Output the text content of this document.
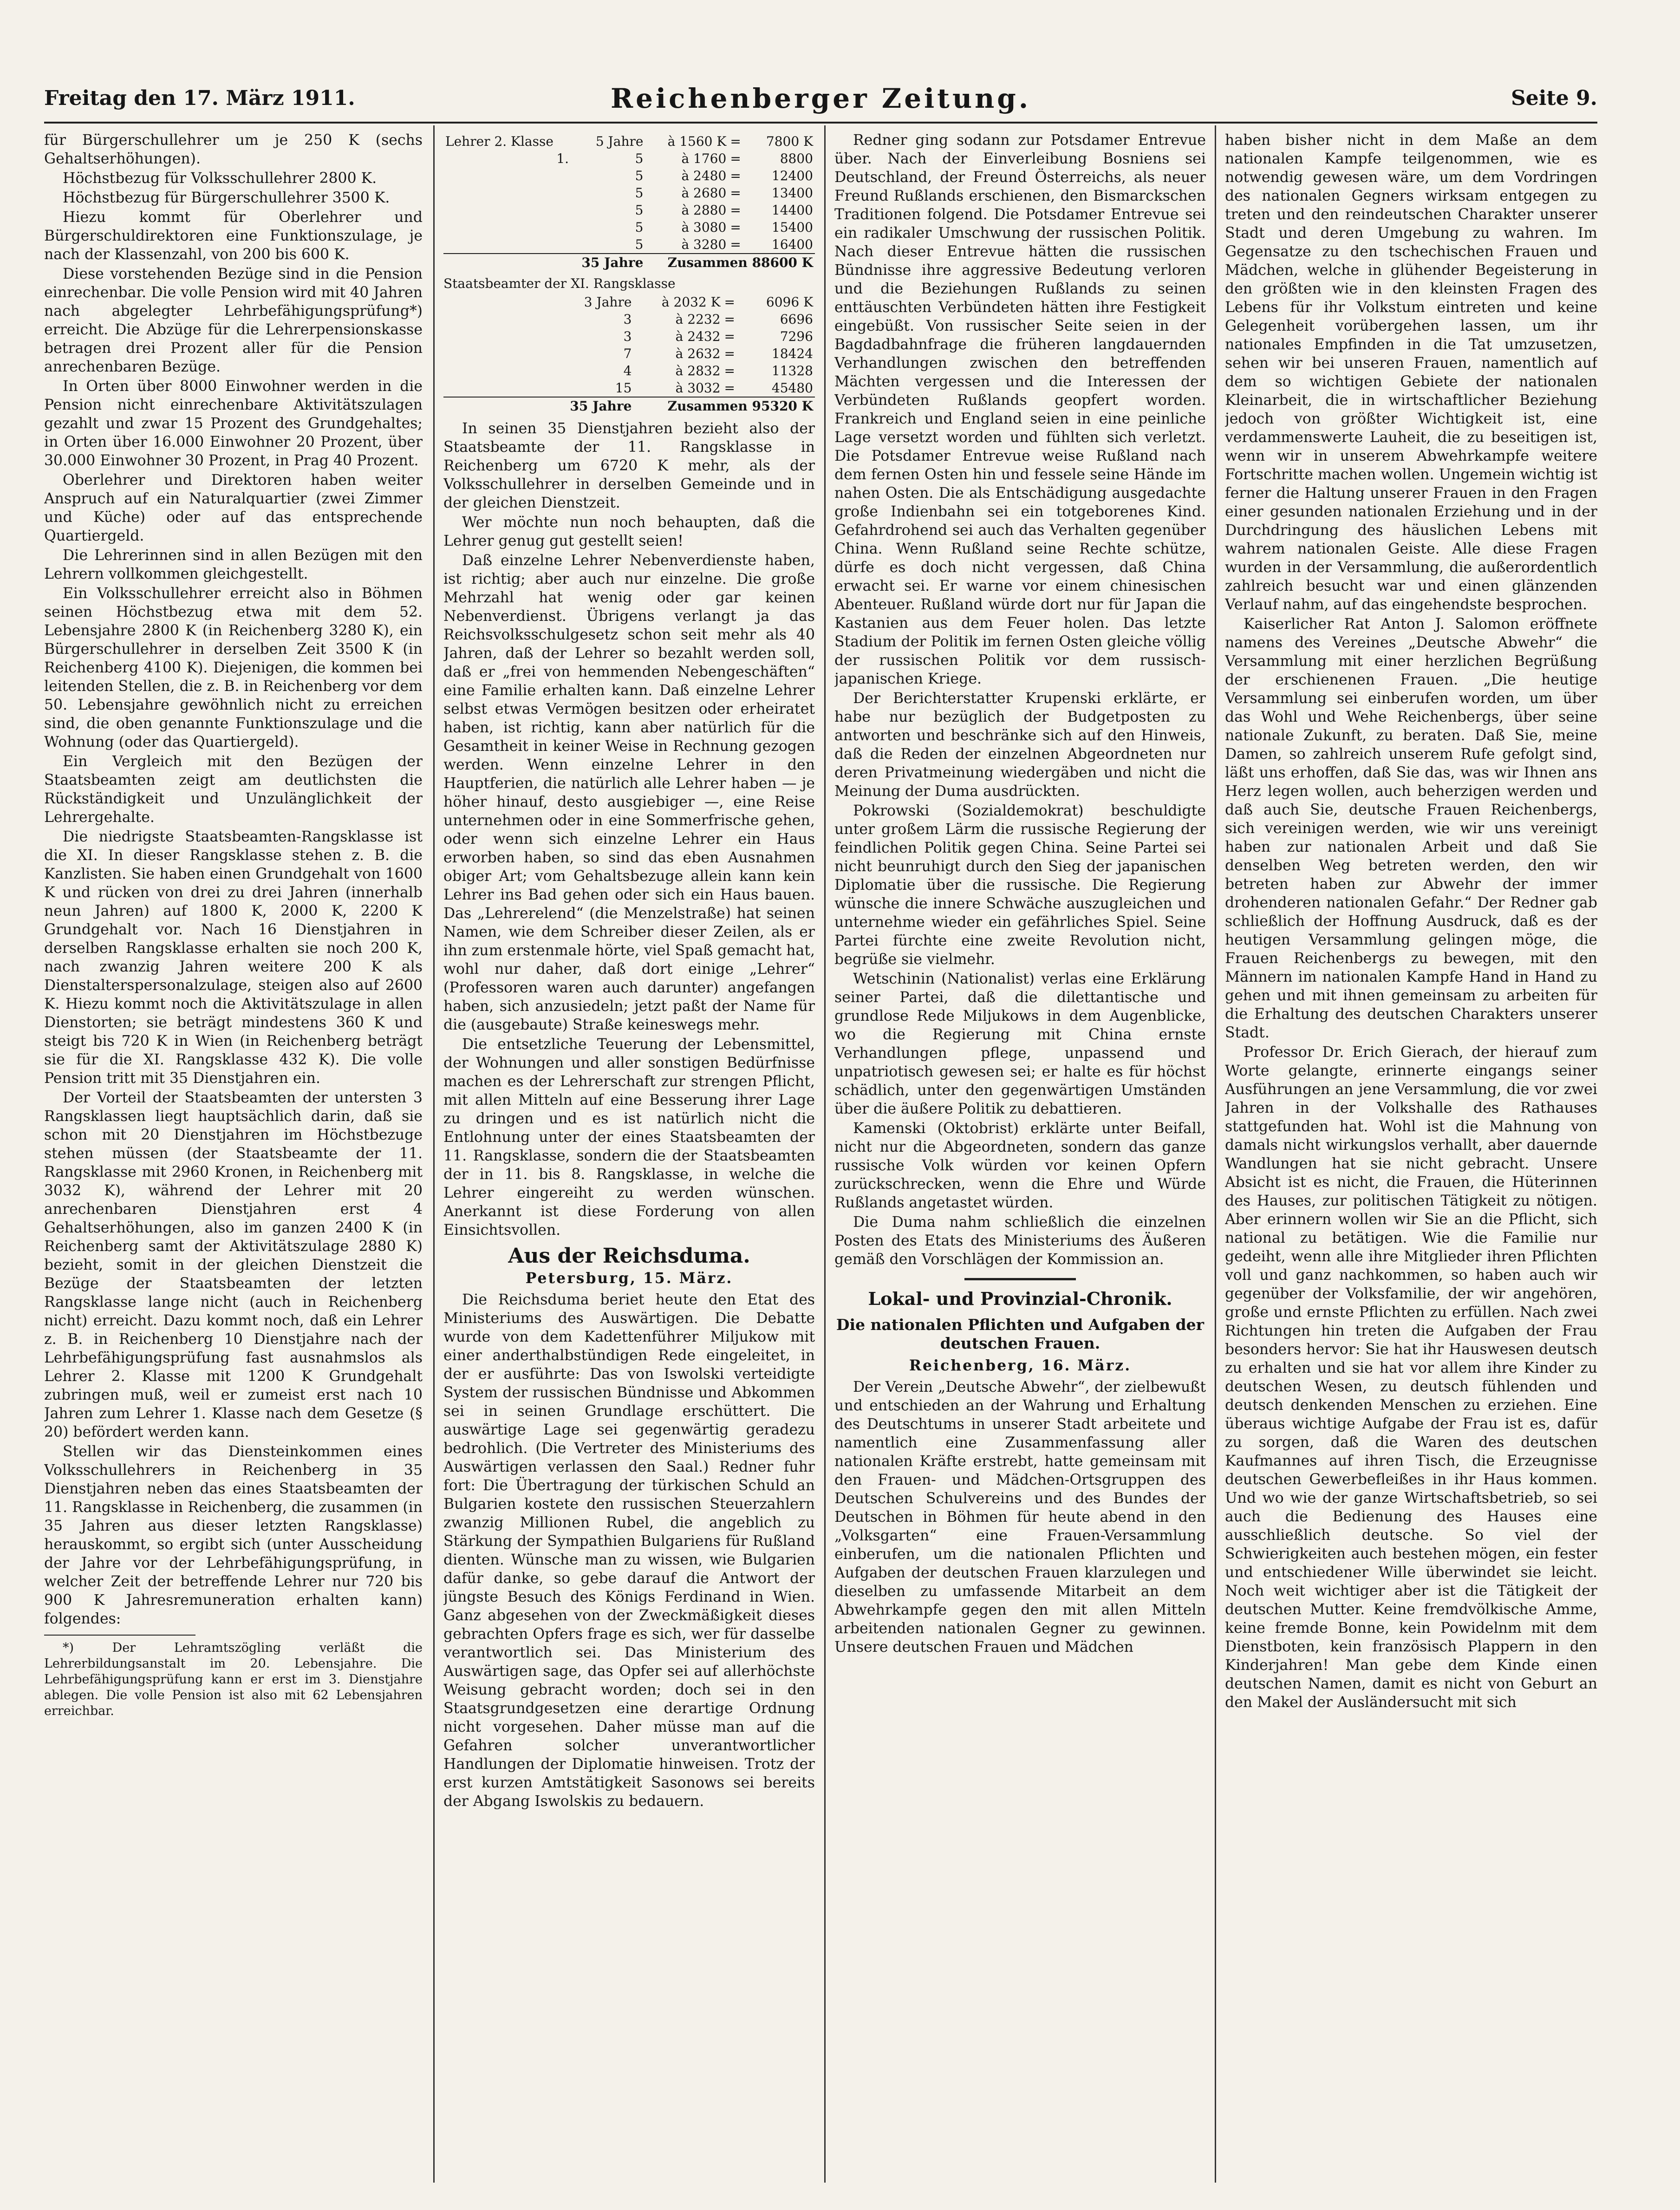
Freitag den 17. März 1911.	Reichenberger Zeitung.	Seite 9.

für Bürgerschullehrer um je 250 K (sechs Gehaltserhöhungen).

Höchstbezug für Volksschullehrer 2800 K.

Höchstbezug für Bürgerschullehrer 3500 K.

Hiezu kommt für Oberlehrer und Bürgerschuldirektoren eine Funktionszulage, je nach der Klassenzahl, von 200 bis 600 K.

Diese vorstehenden Bezüge sind in die Pension einrechenbar. Die volle Pension wird mit 40 Jahren nach abgelegter Lehrbefähigungsprüfung*) erreicht. Die Abzüge für die Lehrerpensionskasse betragen drei Prozent aller für die Pension anrechenbaren Bezüge.

In Orten über 8000 Einwohner werden in die Pension nicht einrechenbare Aktivitätszulagen gezahlt und zwar 15 Prozent des Grundgehaltes; in Orten über 16.000 Einwohner 20 Prozent, über 30.000 Einwohner 30 Prozent, in Prag 40 Prozent.

Oberlehrer und Direktoren haben weiter Anspruch auf ein Naturalquartier (zwei Zimmer und Küche) oder auf das entsprechende Quartiergeld.

Die Lehrerinnen sind in allen Bezügen mit den Lehrern vollkommen gleichgestellt.

Ein Volksschullehrer erreicht also in Böhmen seinen Höchstbezug etwa mit dem 52. Lebensjahre 2800 K (in Reichenberg 3280 K), ein Bürgerschullehrer in derselben Zeit 3500 K (in Reichenberg 4100 K). Diejenigen, die kommen bei leitenden Stellen, die z. B. in Reichenberg vor dem 50. Lebensjahre gewöhnlich nicht zu erreichen sind, die oben genannte Funktionszulage und die Wohnung (oder das Quartiergeld).

Ein Vergleich mit den Bezügen der Staatsbeamten zeigt am deutlichsten die Rückständigkeit und Unzulänglichkeit der Lehrergehalte.

Die niedrigste Staatsbeamten-Rangsklasse ist die XI. In dieser Rangsklasse stehen z. B. die Kanzlisten. Sie haben einen Grundgehalt von 1600 K und rücken von drei zu drei Jahren (innerhalb neun Jahren) auf 1800 K, 2000 K, 2200 K Grundgehalt vor. Nach 16 Dienstjahren in derselben Rangsklasse erhalten sie noch 200 K, nach zwanzig Jahren weitere 200 K als Dienstalterspersonalzulage, steigen also auf 2600 K. Hiezu kommt noch die Aktivitätszulage in allen Dienstorten; sie beträgt mindestens 360 K und steigt bis 720 K in Wien (in Reichenberg beträgt sie für die XI. Rangsklasse 432 K). Die volle Pension tritt mit 35 Dienstjahren ein.

Der Vorteil der Staatsbeamten der untersten 3 Rangsklassen liegt hauptsächlich darin, daß sie schon mit 20 Dienstjahren im Höchstbezuge stehen müssen (der Staatsbeamte der 11. Rangsklasse mit 2960 Kronen, in Reichenberg mit 3032 K), während der Lehrer mit 20 anrechenbaren Dienstjahren erst 4 Gehaltserhöhungen, also im ganzen 2400 K (in Reichenberg samt der Aktivitätszulage 2880 K) bezieht, somit in der gleichen Dienstzeit die Bezüge der Staatsbeamten der letzten Rangsklasse lange nicht (auch in Reichenberg nicht) erreicht. Dazu kommt noch, daß ein Lehrer z. B. in Reichenberg 10 Dienstjahre nach der Lehrbefähigungsprüfung fast ausnahmslos als Lehrer 2. Klasse mit 1200 K Grundgehalt zubringen muß, weil er zumeist erst nach 10 Jahren zum Lehrer 1. Klasse nach dem Gesetze (§ 20) befördert werden kann.

Stellen wir das Diensteinkommen eines Volksschullehrers in Reichenberg in 35 Dienstjahren neben das eines Staatsbeamten der 11. Rangsklasse in Reichenberg, die zusammen (in 35 Jahren aus dieser letzten Rangsklasse) herauskommt, so ergibt sich (unter Ausscheidung der Jahre vor der Lehrbefähigungsprüfung, in welcher Zeit der betreffende Lehrer nur 720 bis 900 K Jahresremuneration erhalten kann) folgendes:

*) Der Lehramtszögling verläßt die Lehrerbildungsanstalt im 20. Lebensjahre. Die Lehrbefähigungsprüfung kann er erst im 3. Dienstjahre ablegen. Die volle Pension ist also mit 62 Lebensjahren erreichbar.

Lehrer 2. Klasse	5 Jahre	à 1560 K	=	7800 K
1.	5	à 1760	=	8800
	5	à 2480	=	12400
	5	à 2680	=	13400
	5	à 2880	=	14400
	5	à 3080	=	15400
	5	à 3280	=	16400
	35 Jahre	Zusammen 88600 K		
Staatsbeamter der XI. Rangsklasse
	3 Jahre	à 2032 K	=	6096 K
	3	à 2232	=	6696
	3	à 2432	=	7296
	7	à 2632	=	18424
	4	à 2832	=	11328
	15	à 3032	=	45480
	35 Jahre	Zusammen 95320 K		

In seinen 35 Dienstjahren bezieht also der Staatsbeamte der 11. Rangsklasse in Reichenberg um 6720 K mehr, als der Volksschullehrer in derselben Gemeinde und in der gleichen Dienstzeit.

Wer möchte nun noch behaupten, daß die Lehrer genug gut gestellt seien!

Daß einzelne Lehrer Nebenverdienste haben, ist richtig; aber auch nur einzelne. Die große Mehrzahl hat wenig oder gar keinen Nebenverdienst. Übrigens verlangt ja das Reichsvolksschulgesetz schon seit mehr als 40 Jahren, daß der Lehrer so bezahlt werden soll, daß er „frei von hemmenden Nebengeschäften“ eine Familie erhalten kann. Daß einzelne Lehrer selbst etwas Vermögen besitzen oder erheiratet haben, ist richtig, kann aber natürlich für die Gesamtheit in keiner Weise in Rechnung gezogen werden. Wenn einzelne Lehrer in den Hauptferien, die natürlich alle Lehrer haben — je höher hinauf, desto ausgiebiger —, eine Reise unternehmen oder in eine Sommerfrische gehen, oder wenn sich einzelne Lehrer ein Haus erworben haben, so sind das eben Ausnahmen obiger Art; vom Gehaltsbezuge allein kann kein Lehrer ins Bad gehen oder sich ein Haus bauen. Das „Lehrerelend“ (die Menzelstraße) hat seinen Namen, wie dem Schreiber dieser Zeilen, als er ihn zum erstenmale hörte, viel Spaß gemacht hat, wohl nur daher, daß dort einige „Lehrer“ (Professoren waren auch darunter) angefangen haben, sich anzusiedeln; jetzt paßt der Name für die (ausgebaute) Straße keineswegs mehr.

Die entsetzliche Teuerung der Lebensmittel, der Wohnungen und aller sonstigen Bedürfnisse machen es der Lehrerschaft zur strengen Pflicht, mit allen Mitteln auf eine Besserung ihrer Lage zu dringen und es ist natürlich nicht die Entlohnung unter der eines Staatsbeamten der 11. Rangsklasse, sondern die der Staatsbeamten der in 11. bis 8. Rangsklasse, in welche die Lehrer eingereiht zu werden wünschen. Anerkannt ist diese Forderung von allen Einsichtsvollen.

Aus der Reichsduma.
Petersburg, 15. März.

Die Reichsduma beriet heute den Etat des Ministeriums des Auswärtigen. Die Debatte wurde von dem Kadettenführer Miljukow mit einer anderthalbstündigen Rede eingeleitet, in der er ausführte: Das von Iswolski verteidigte System der russischen Bündnisse und Abkommen sei in seinen Grundlage erschüttert. Die auswärtige Lage sei gegenwärtig geradezu bedrohlich. (Die Vertreter des Ministeriums des Auswärtigen verlassen den Saal.) Redner fuhr fort: Die Übertragung der türkischen Schuld an Bulgarien kostete den russischen Steuerzahlern zwanzig Millionen Rubel, die angeblich zu Stärkung der Sympathien Bulgariens für Rußland dienten. Wünsche man zu wissen, wie Bulgarien dafür danke, so gebe darauf die Antwort der jüngste Besuch des Königs Ferdinand in Wien. Ganz abgesehen von der Zweckmäßigkeit dieses gebrachten Opfers frage es sich, wer für dasselbe verantwortlich sei. Das Ministerium des Auswärtigen sage, das Opfer sei auf allerhöchste Weisung gebracht worden; doch sei in den Staatsgrundgesetzen eine derartige Ordnung nicht vorgesehen. Daher müsse man auf die Gefahren solcher unverantwortlicher Handlungen der Diplomatie hinweisen. Trotz der erst kurzen Amtstätigkeit Sasonows sei bereits der Abgang Iswolskis zu bedauern.

Redner ging sodann zur Potsdamer Entrevue über. Nach der Einverleibung Bosniens sei Deutschland, der Freund Österreichs, als neuer Freund Rußlands erschienen, den Bismarckschen Traditionen folgend. Die Potsdamer Entrevue sei ein radikaler Umschwung der russischen Politik. Nach dieser Entrevue hätten die russischen Bündnisse ihre aggressive Bedeutung verloren und die Beziehungen Rußlands zu seinen enttäuschten Verbündeten hätten ihre Festigkeit eingebüßt. Von russischer Seite seien in der Bagdadbahnfrage die früheren langdauernden Verhandlungen zwischen den betreffenden Mächten vergessen und die Interessen der Verbündeten Rußlands geopfert worden. Frankreich und England seien in eine peinliche Lage versetzt worden und fühlten sich verletzt. Die Potsdamer Entrevue weise Rußland nach dem fernen Osten hin und fessele seine Hände im nahen Osten. Die als Entschädigung ausgedachte große Indienbahn sei ein totgeborenes Kind. Gefahrdrohend sei auch das Verhalten gegenüber China. Wenn Rußland seine Rechte schütze, dürfe es doch nicht vergessen, daß China erwacht sei. Er warne vor einem chinesischen Abenteuer. Rußland würde dort nur für Japan die Kastanien aus dem Feuer holen. Das letzte Stadium der Politik im fernen Osten gleiche völlig der russischen Politik vor dem russisch-japanischen Kriege.

Der Berichterstatter Krupenski erklärte, er habe nur bezüglich der Budgetposten zu antworten und beschränke sich auf den Hinweis, daß die Reden der einzelnen Abgeordneten nur deren Privatmeinung wiedergäben und nicht die Meinung der Duma ausdrückten.

Pokrowski (Sozialdemokrat) beschuldigte unter großem Lärm die russische Regierung der feindlichen Politik gegen China. Seine Partei sei nicht beunruhigt durch den Sieg der japanischen Diplomatie über die russische. Die Regierung wünsche die innere Schwäche auszugleichen und unternehme wieder ein gefährliches Spiel. Seine Partei fürchte eine zweite Revolution nicht, begrüße sie vielmehr.

Wetschinin (Nationalist) verlas eine Erklärung seiner Partei, daß die dilettantische und grundlose Rede Miljukows in dem Augenblicke, wo die Regierung mit China ernste Verhandlungen pflege, unpassend und unpatriotisch gewesen sei; er halte es für höchst schädlich, unter den gegenwärtigen Umständen über die äußere Politik zu debattieren.

Kamenski (Oktobrist) erklärte unter Beifall, nicht nur die Abgeordneten, sondern das ganze russische Volk würden vor keinen Opfern zurückschrecken, wenn die Ehre und Würde Rußlands angetastet würden.

Die Duma nahm schließlich die einzelnen Posten des Etats des Ministeriums des Äußeren gemäß den Vorschlägen der Kommission an.

Lokal- und Provinzial-Chronik.
Die nationalen Pflichten und Aufgaben der deutschen Frauen.
Reichenberg, 16. März.

Der Verein „Deutsche Abwehr“, der zielbewußt und entschieden an der Wahrung und Erhaltung des Deutschtums in unserer Stadt arbeitete und namentlich eine Zusammenfassung aller nationalen Kräfte erstrebt, hatte gemeinsam mit den Frauen- und Mädchen-Ortsgruppen des Deutschen Schulvereins und des Bundes der Deutschen in Böhmen für heute abend in den „Volksgarten“ eine Frauen-Versammlung einberufen, um die nationalen Pflichten und Aufgaben der deutschen Frauen klarzulegen und dieselben zu umfassende Mitarbeit an dem Abwehrkampfe gegen den mit allen Mitteln arbeitenden nationalen Gegner zu gewinnen. Unsere deutschen Frauen und Mädchen

haben bisher nicht in dem Maße an dem nationalen Kampfe teilgenommen, wie es notwendig gewesen wäre, um dem Vordringen des nationalen Gegners wirksam entgegen zu treten und den reindeutschen Charakter unserer Stadt und deren Umgebung zu wahren. Im Gegensatze zu den tschechischen Frauen und Mädchen, welche in glühender Begeisterung in den größten wie in den kleinsten Fragen des Lebens für ihr Volkstum eintreten und keine Gelegenheit vorübergehen lassen, um ihr nationales Empfinden in die Tat umzusetzen, sehen wir bei unseren Frauen, namentlich auf dem so wichtigen Gebiete der nationalen Kleinarbeit, die in wirtschaftlicher Beziehung jedoch von größter Wichtigkeit ist, eine verdammenswerte Lauheit, die zu beseitigen ist, wenn wir in unserem Abwehrkampfe weitere Fortschritte machen wollen. Ungemein wichtig ist ferner die Haltung unserer Frauen in den Fragen einer gesunden nationalen Erziehung und in der Durchdringung des häuslichen Lebens mit wahrem nationalen Geiste. Alle diese Fragen wurden in der Versammlung, die außerordentlich zahlreich besucht war und einen glänzenden Verlauf nahm, auf das eingehendste besprochen.

Kaiserlicher Rat Anton J. Salomon eröffnete namens des Vereines „Deutsche Abwehr“ die Versammlung mit einer herzlichen Begrüßung der erschienenen Frauen. „Die heutige Versammlung sei einberufen worden, um über das Wohl und Wehe Reichenbergs, über seine nationale Zukunft, zu beraten. Daß Sie, meine Damen, so zahlreich unserem Rufe gefolgt sind, läßt uns erhoffen, daß Sie das, was wir Ihnen ans Herz legen wollen, auch beherzigen werden und daß auch Sie, deutsche Frauen Reichenbergs, sich vereinigen werden, wie wir uns vereinigt haben zur nationalen Arbeit und daß Sie denselben Weg betreten werden, den wir betreten haben zur Abwehr der immer drohenderen nationalen Gefahr.“ Der Redner gab schließlich der Hoffnung Ausdruck, daß es der heutigen Versammlung gelingen möge, die Frauen Reichenbergs zu bewegen, mit den Männern im nationalen Kampfe Hand in Hand zu gehen und mit ihnen gemeinsam zu arbeiten für die Erhaltung des deutschen Charakters unserer Stadt.

Professor Dr. Erich Gierach, der hierauf zum Worte gelangte, erinnerte eingangs seiner Ausführungen an jene Versammlung, die vor zwei Jahren in der Volkshalle des Rathauses stattgefunden hat. Wohl ist die Mahnung von damals nicht wirkungslos verhallt, aber dauernde Wandlungen hat sie nicht gebracht. Unsere Absicht ist es nicht, die Frauen, die Hüterinnen des Hauses, zur politischen Tätigkeit zu nötigen. Aber erinnern wollen wir Sie an die Pflicht, sich national zu betätigen. Wie die Familie nur gedeiht, wenn alle ihre Mitglieder ihren Pflichten voll und ganz nachkommen, so haben auch wir gegenüber der Volksfamilie, der wir angehören, große und ernste Pflichten zu erfüllen. Nach zwei Richtungen hin treten die Aufgaben der Frau besonders hervor: Sie hat ihr Hauswesen deutsch zu erhalten und sie hat vor allem ihre Kinder zu deutschen Wesen, zu deutsch fühlenden und deutsch denkenden Menschen zu erziehen. Eine überaus wichtige Aufgabe der Frau ist es, dafür zu sorgen, daß die Waren des deutschen Kaufmannes auf ihren Tisch, die Erzeugnisse deutschen Gewerbefleißes in ihr Haus kommen. Und wo wie der ganze Wirtschaftsbetrieb, so sei auch die Bedienung des Hauses eine ausschließlich deutsche. So viel der Schwierigkeiten auch bestehen mögen, ein fester und entschiedener Wille überwindet sie leicht. Noch weit wichtiger aber ist die Tätigkeit der deutschen Mutter. Keine fremdvölkische Amme, keine fremde Bonne, kein Powidelnm mit dem Dienstboten, kein französisch Plappern in den Kinderjahren! Man gebe dem Kinde einen deutschen Namen, damit es nicht von Geburt an den Makel der Ausländersucht mit sich
